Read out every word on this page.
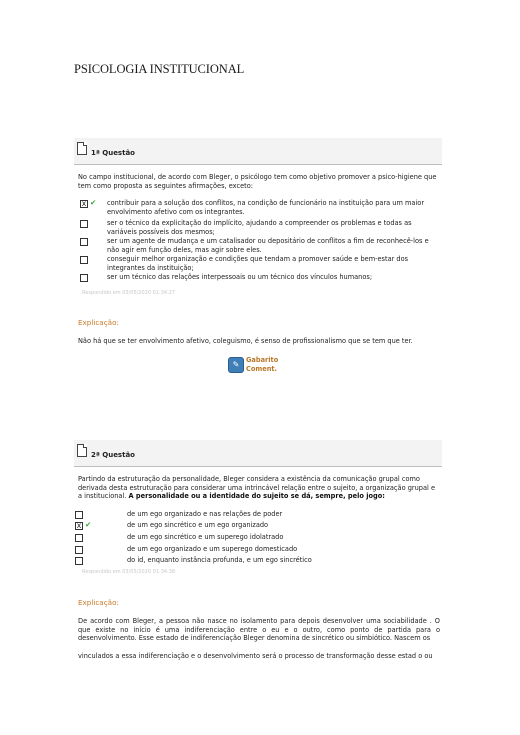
PSICOLOGIA INSTITUCIONAL
1ª Questão
No campo institucional, de acordo com Bleger, o psicólogo tem como objetivo promover a psico-higiene que tem como proposta as seguintes afirmações, exceto:
X ✔ contribuir para a solução dos conflitos, na condição de funcionário na instituição para um maior envolvimento afetivo com os integrantes.
ser o técnico da explicitação do implícito, ajudando a compreender os problemas e todas as variáveis possíveis dos mesmos;
ser um agente de mudança e um catalisador ou depositário de conflitos a fim de reconhecê-los e não agir em função deles, mas agir sobre eles.
conseguir melhor organização e condições que tendam a promover saúde e bem-estar dos integrantes da instituição;
ser um técnico das relações interpessoais ou um técnico dos vínculos humanos;
Respondido em 03/05/2020 01:34:27
Explicação:
Não há que se ter envolvimento afetivo, coleguismo, é senso de profissionalismo que se tem que ter.
✎	Gabarito
Coment.
2ª Questão
Partindo da estruturação da personalidade, Bleger considera a existência da comunicação grupal como derivada desta estruturação para considerar uma intrincável relação entre o sujeito, a organização grupal e a institucional. A personalidade ou a identidade do sujeito se dá, sempre, pelo jogo:
de um ego organizado e nas relações de poder
X ✔	de um ego sincrético e um ego organizado
de um ego sincrético e um superego idolatrado
de um ego organizado e um superego domesticado
do id, enquanto instância profunda, e um ego sincrético
Respondido em 03/05/2020 01:34:38
Explicação:
De acordo com Bleger, a pessoa não nasce no isolamento para depois desenvolver uma sociabilidade . O que existe no início é uma indiferenciação entre o eu e o outro, como ponto de partida para o desenvolvimento. Esse estado de indiferenciação Bleger denomina de sincrético ou simbiótico. Nascem os
vinculados a essa indiferenciação e o desenvolvimento será o processo de transformação desse estad o ou
